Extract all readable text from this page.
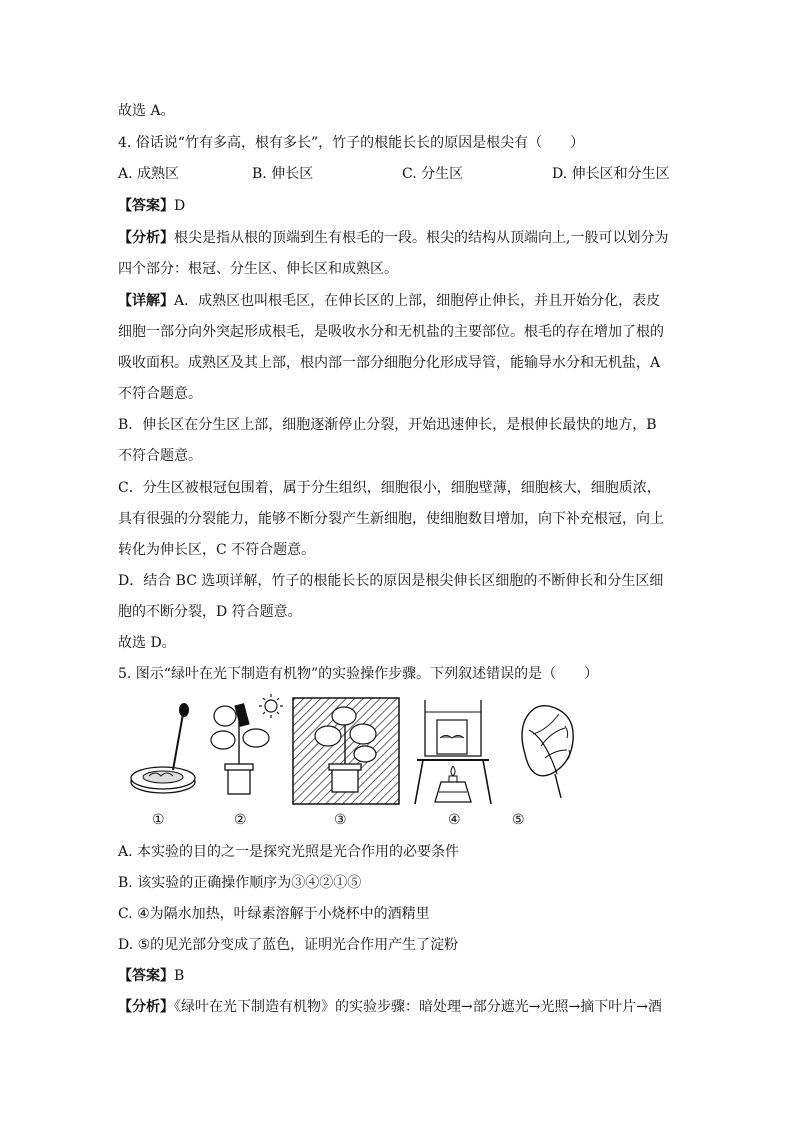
故选 A。
4. 俗话说“竹有多高，根有多长”，竹子的根能长长的原因是根尖有（　　）
A. 成熟区	B. 伸长区	C. 分生区	D. 伸长区和分生区
【答案】D
【分析】根尖是指从根的顶端到生有根毛的一段。根尖的结构从顶端向上,一般可以划分为
四个部分：根冠、分生区、伸长区和成熟区。
【详解】A．成熟区也叫根毛区，在伸长区的上部，细胞停止伸长，并且开始分化，表皮
细胞一部分向外突起形成根毛，是吸收水分和无机盐的主要部位。根毛的存在增加了根的
吸收面积。成熟区及其上部，根内部一部分细胞分化形成导管，能输导水分和无机盐，A
不符合题意。
B．伸长区在分生区上部，细胞逐渐停止分裂，开始迅速伸长，是根伸长最快的地方，B
不符合题意。
C．分生区被根冠包围着，属于分生组织，细胞很小，细胞壁薄，细胞核大，细胞质浓，
具有很强的分裂能力，能够不断分裂产生新细胞，使细胞数目增加，向下补充根冠，向上
转化为伸长区，C 不符合题意。
D．结合 BC 选项详解，竹子的根能长长的原因是根尖伸长区细胞的不断伸长和分生区细
胞的不断分裂，D 符合题意。
故选 D。
5. 图示“绿叶在光下制造有机物”的实验操作步骤。下列叙述错误的是（　　）
①	②	③	④	⑤
A. 本实验的目的之一是探究光照是光合作用的必要条件
B. 该实验的正确操作顺序为③④②①⑤
C. ④为隔水加热，叶绿素溶解于小烧杯中的酒精里
D. ⑤的见光部分变成了蓝色，证明光合作用产生了淀粉
【答案】B
【分析】《绿叶在光下制造有机物》的实验步骤：暗处理→部分遮光→光照→摘下叶片→酒
